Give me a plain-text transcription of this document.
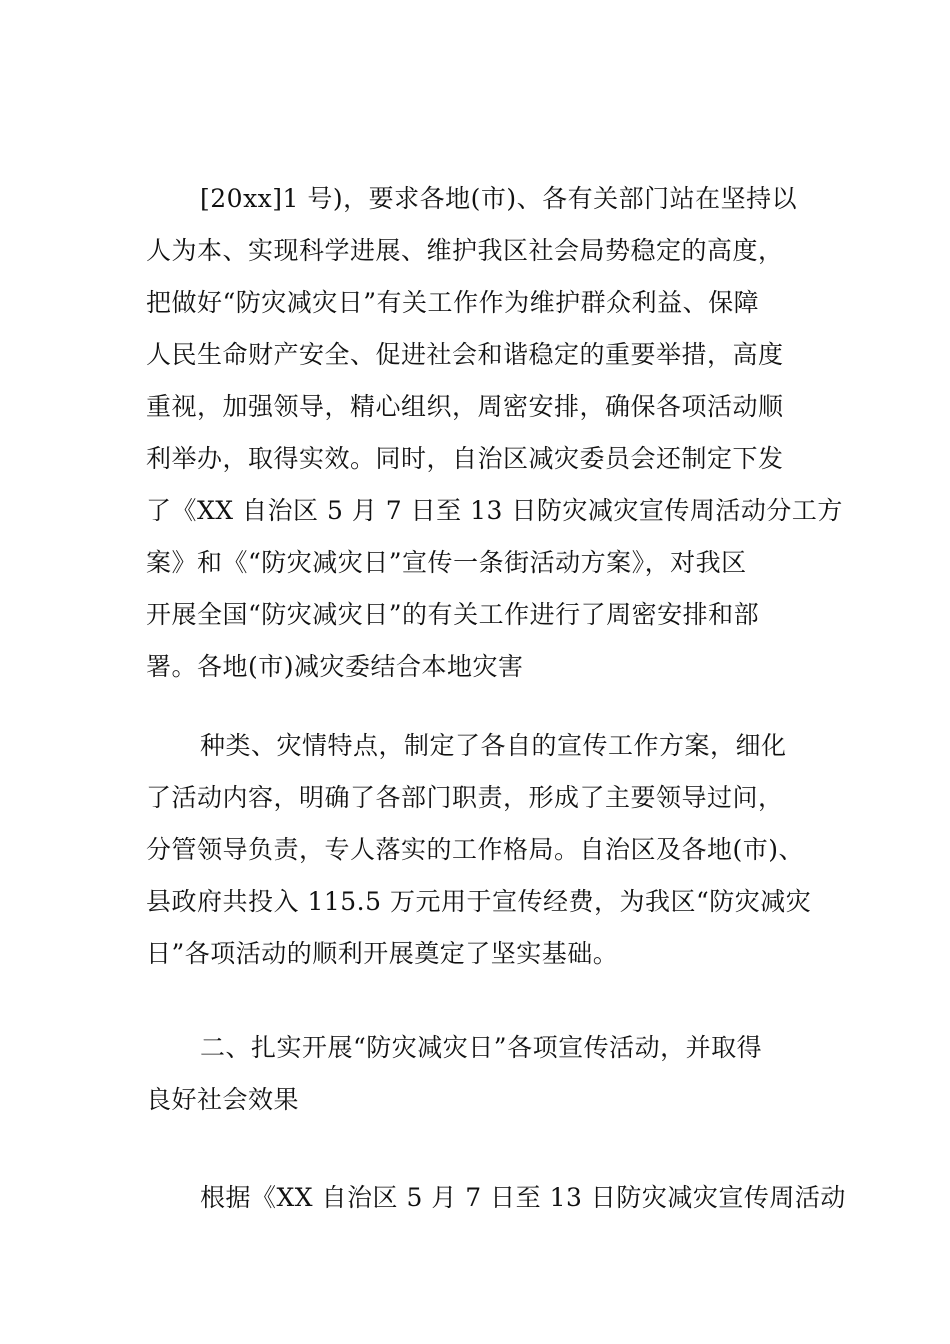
[20xx]1 号)，要求各地(市)、各有关部门站在坚持以
人为本、实现科学进展、维护我区社会局势稳定的高度，
把做好“防灾减灾日”有关工作作为维护群众利益、保障
人民生命财产安全、促进社会和谐稳定的重要举措，高度
重视，加强领导，精心组织，周密安排，确保各项活动顺
利举办，取得实效。同时，自治区减灾委员会还制定下发
了《XX 自治区 5 月 7 日至 13 日防灾减灾宣传周活动分工方
案》和《“防灾减灾日”宣传一条街活动方案》，对我区
开展全国“防灾减灾日”的有关工作进行了周密安排和部
署。各地(市)减灾委结合本地灾害
种类、灾情特点，制定了各自的宣传工作方案，细化
了活动内容，明确了各部门职责，形成了主要领导过问，
分管领导负责，专人落实的工作格局。自治区及各地(市)、
县政府共投入 115.5 万元用于宣传经费，为我区“防灾减灾
日”各项活动的顺利开展奠定了坚实基础。
二、扎实开展“防灾减灾日”各项宣传活动，并取得
良好社会效果
根据《XX 自治区 5 月 7 日至 13 日防灾减灾宣传周活动
